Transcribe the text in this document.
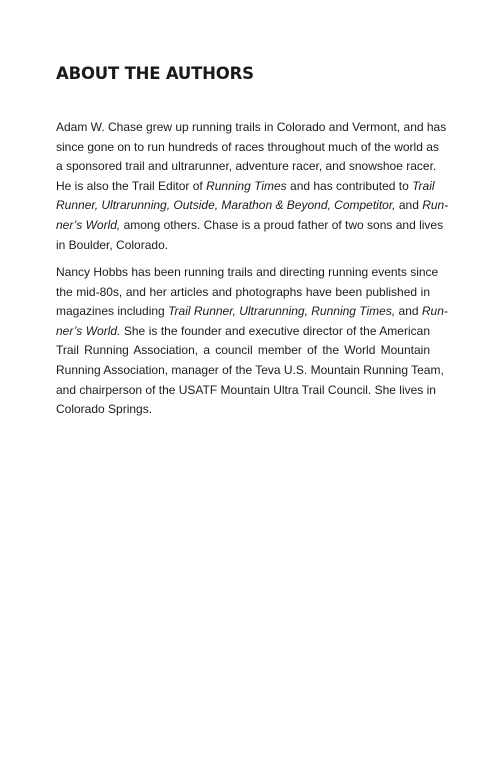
ABOUT THE AUTHORS
Adam W. Chase grew up running trails in Colorado and Vermont, and has
since gone on to run hundreds of races throughout much of the world as
a sponsored trail and ultrarunner, adventure racer, and snowshoe racer.
He is also the Trail Editor of Running Times and has contributed to Trail
Runner, Ultrarunning, Outside, Marathon & Beyond, Competitor, and Run-
ner’s World, among others. Chase is a proud father of two sons and lives
in Boulder, Colorado.
Nancy Hobbs has been running trails and directing running events since
the mid-80s, and her articles and photographs have been published in
magazines including Trail Runner, Ultrarunning, Running Times, and Run-
ner’s World. She is the founder and executive director of the American
Trail Running Association, a council member of the World Mountain
Running Association, manager of the Teva U.S. Mountain Running Team,
and chairperson of the USATF Mountain Ultra Trail Council. She lives in
Colorado Springs.
